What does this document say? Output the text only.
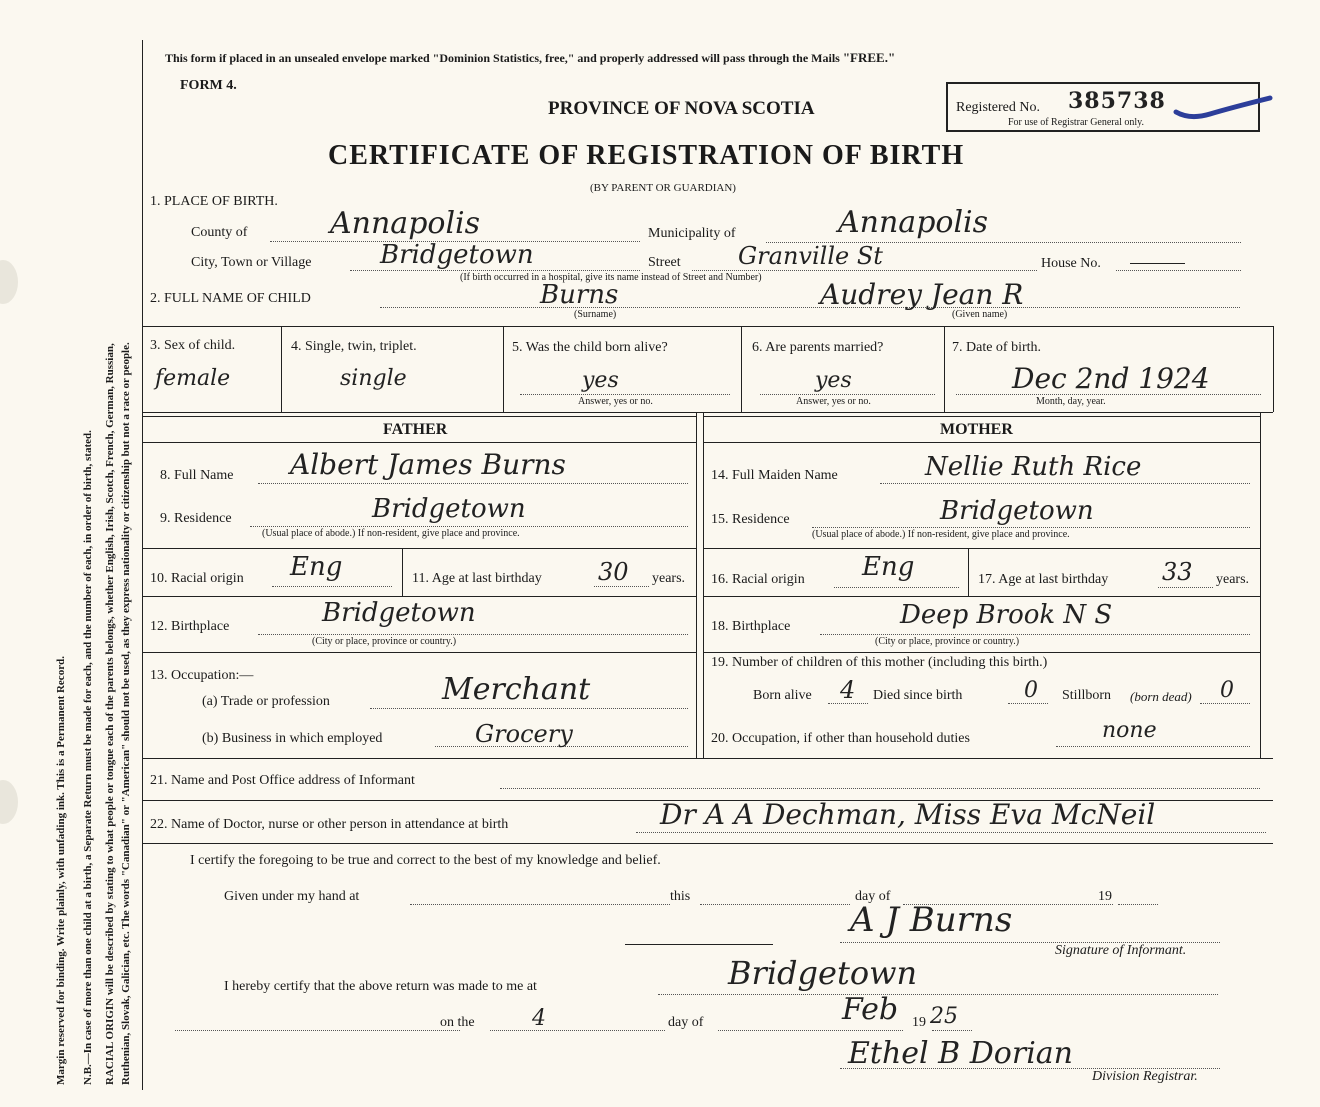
Margin reserved for binding. Write plainly, with unfading ink. This is a Permanent Record. N.B.—In case of more than one child at a birth, a Separate Return must be made for each, and the number of each, in order of birth, stated. RACIAL ORIGIN will be described by stating to what people or tongue each of the parents belongs, whether English, Irish, Scotch, French, German, Russian, Ruthenian, Slovak, Galician, etc. The words "Canadian" or "American" should not be used, as they express nationality or citizenship but not a race or people.
This form if placed in an unsealed envelope marked "Dominion Statistics, free," and properly addressed will pass through the Mails "FREE."
FORM 4.
PROVINCE OF NOVA SCOTIA	Registered No. 385738
For use of Registrar General only.
CERTIFICATE OF REGISTRATION OF BIRTH
(BY PARENT OR GUARDIAN)
1. PLACE OF BIRTH.
County of	Annapolis	Municipality of	Annapolis
City, Town or Village	Bridgetown	Street Granville St	House No.
(If birth occurred in a hospital, give its name instead of Street and Number)
2. FULL NAME OF CHILD	Burns
(Surname)
Audrey Jean R
(Given name)
3. Sex of child.
female
4. Single, twin, triplet.
single
5. Was the child born alive?
yes
Answer, yes or no.
6. Are parents married?
yes
Answer, yes or no.
7. Date of birth.
Dec 2nd 1924
Month, day, year.
FATHER	MOTHER
8. Full Name Albert James Burns
9. Residence	Bridgetown
(Usual place of abode.) If non-resident, give place and province.
10. Racial origin Eng	11. Age at last birthday 30 years.
12. Birthplace	Bridgetown
(City or place, province or country.)
13. Occupation:—
(a) Trade or profession	Merchant
(b) Business in which employed	Grocery
14. Full Maiden Name	Nellie Ruth Rice
15. Residence	Bridgetown
(Usual place of abode.) If non-resident, give place and province.
16. Racial origin Eng	17. Age at last birthday 33 years.
18. Birthplace	Deep Brook N S
(City or place, province or country.)
19. Number of children of this mother (including this birth.)
Born alive 4 Died since birth	0 Stillborn (born dead) 0
20. Occupation, if other than household duties	none
21. Name and Post Office address of Informant
22. Name of Doctor, nurse or other person in attendance at birth	Dr A A Dechman, Miss Eva McNeil
I certify the foregoing to be true and correct to the best of my knowledge and belief.
Given under my hand at	this	day of	19
A J Burns
Signature of Informant.
I hereby certify that the above return was made to me at	Bridgetown
on the	4	day of	Feb 19 25
Ethel B Dorian
Division Registrar.
